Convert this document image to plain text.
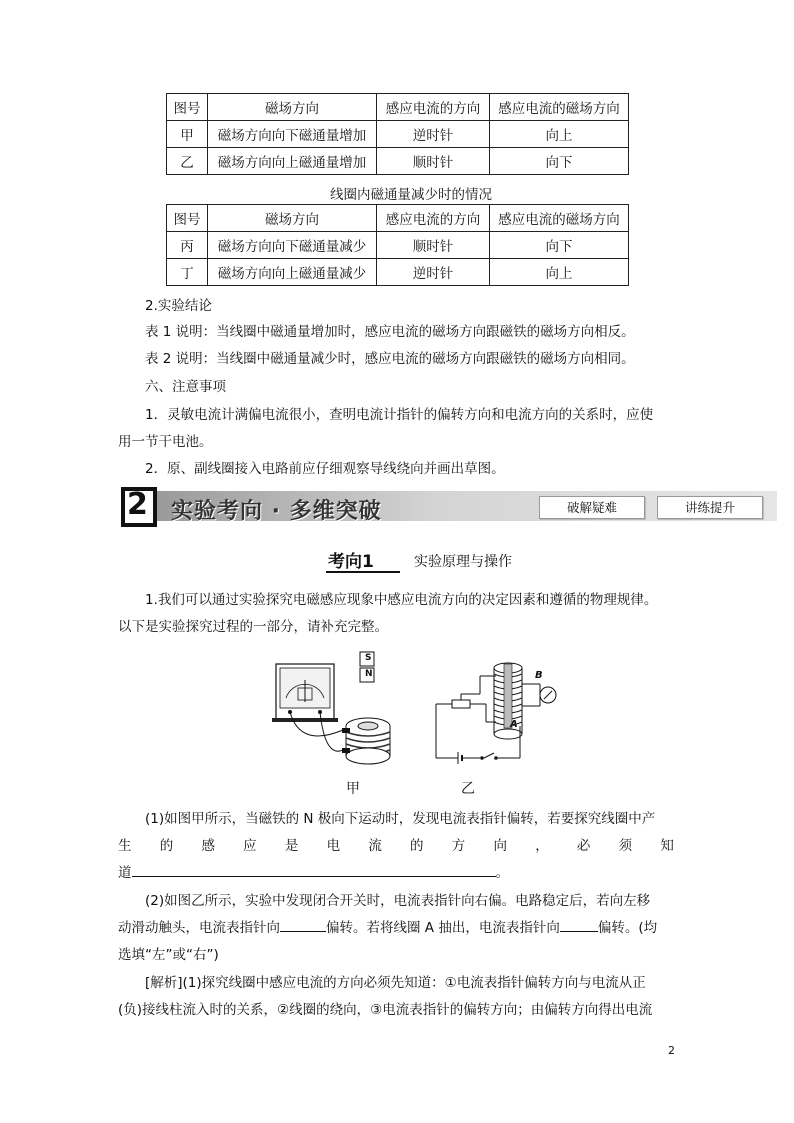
图号	磁场方向	感应电流的方向	感应电流的磁场方向
甲	磁场方向向下磁通量增加	逆时针	向上
乙	磁场方向向上磁通量增加	顺时针	向下
线圈内磁通量减少时的情况
图号	磁场方向	感应电流的方向	感应电流的磁场方向
丙	磁场方向向下磁通量减少	顺时针	向下
丁	磁场方向向上磁通量减少	逆时针	向上
2.实验结论
表 1 说明：当线圈中磁通量增加时，感应电流的磁场方向跟磁铁的磁场方向相反。
表 2 说明：当线圈中磁通量减少时，感应电流的磁场方向跟磁铁的磁场方向相同。
六、注意事项
1．灵敏电流计满偏电流很小，查明电流计指针的偏转方向和电流方向的关系时，应使
用一节干电池。
2．原、副线圈接入电路前应仔细观察导线绕向并画出草图。
2 实验考向 · 多维突破	破解疑难	讲练提升
考向1	实验原理与操作
1.我们可以通过实验探究电磁感应现象中感应电流方向的决定因素和遵循的物理规律。
以下是实验探究过程的一部分，请补充完整。
S
N	B
A
甲	乙
(1)如图甲所示，当磁铁的 N 极向下运动时，发现电流表指针偏转，若要探究线圈中产
生 的 感 应 是 电 流 的 方 向 ， 必 须 知
道	。
(2)如图乙所示，实验中发现闭合开关时，电流表指针向右偏。电路稳定后，若向左移
动滑动触头，电流表指针向	偏转。若将线圈 A 抽出，电流表指针向	偏转。(均
选填“左”或“右”)
[解析](1)探究线圈中感应电流的方向必须先知道：①电流表指针偏转方向与电流从正
(负)接线柱流入时的关系，②线圈的绕向，③电流表指针的偏转方向；由偏转方向得出电流
2
